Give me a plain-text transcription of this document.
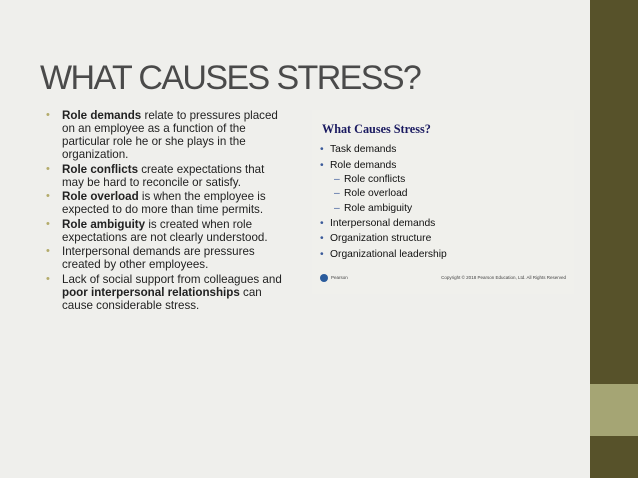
WHAT CAUSES STRESS?
• Role demands relate to pressures placed on an employee as a function of the particular role he or she plays in the organization.
• Role conflicts create expectations that may be hard to reconcile or satisfy.
• Role overload is when the employee is expected to do more than time permits.
• Role ambiguity is created when role expectations are not clearly understood.
• Interpersonal demands are pressures created by other employees.
• Lack of social support from colleagues and poor interpersonal relationships can cause considerable stress.
What Causes Stress?
• Task demands
• Role demands
– Role conflicts
– Role overload
– Role ambiguity
• Interpersonal demands
• Organization structure
• Organizational leadership
Pearson	Copyright © 2018 Pearson Education, Ltd. All Rights Reserved
